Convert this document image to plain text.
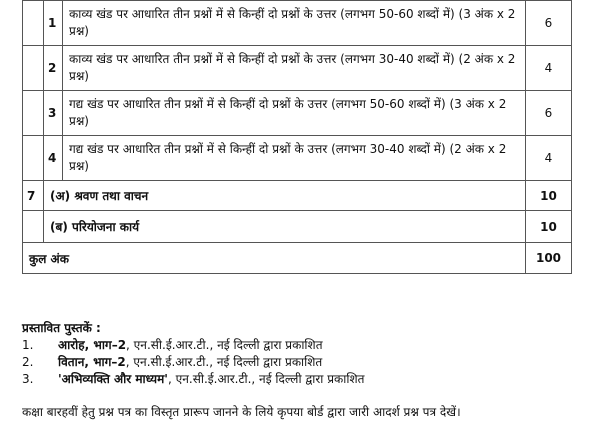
	1	काव्य खंड पर आधारित तीन प्रश्नों में से किन्हीं दो प्रश्नों के उत्तर (लगभग 50-60 शब्दों में) (3 अंक x 2 प्रश्न)	6
	2	काव्य खंड पर आधारित तीन प्रश्नों में से किन्हीं दो प्रश्नों के उत्तर (लगभग 30-40 शब्दों में) (2 अंक x 2 प्रश्न)	4
	3	गद्य खंड पर आधारित तीन प्रश्नों में से किन्हीं दो प्रश्नों के उत्तर (लगभग 50-60 शब्दों में) (3 अंक x 2 प्रश्न)	6
	4	गद्य खंड पर आधारित तीन प्रश्नों में से किन्हीं दो प्रश्नों के उत्तर (लगभग 30-40 शब्दों में) (2 अंक x 2 प्रश्न)	4
7	(अ) श्रवण तथा वाचन		10
	(ब) परियोजना कार्य		10
कुल अंक			100
प्रस्तावित पुस्तकें :
1.	आरोह, भाग–2, एन.सी.ई.आर.टी., नई दिल्ली द्वारा प्रकाशित
2.	वितान, भाग–2, एन.सी.ई.आर.टी., नई दिल्ली द्वारा प्रकाशित
3.	'अभिव्यक्ति और माध्यम', एन.सी.ई.आर.टी., नई दिल्ली द्वारा प्रकाशित
कक्षा बारहवीं हेतु प्रश्न पत्र का विस्तृत प्रारूप जानने के लिये कृपया बोर्ड द्वारा जारी आदर्श प्रश्न पत्र देखें।
